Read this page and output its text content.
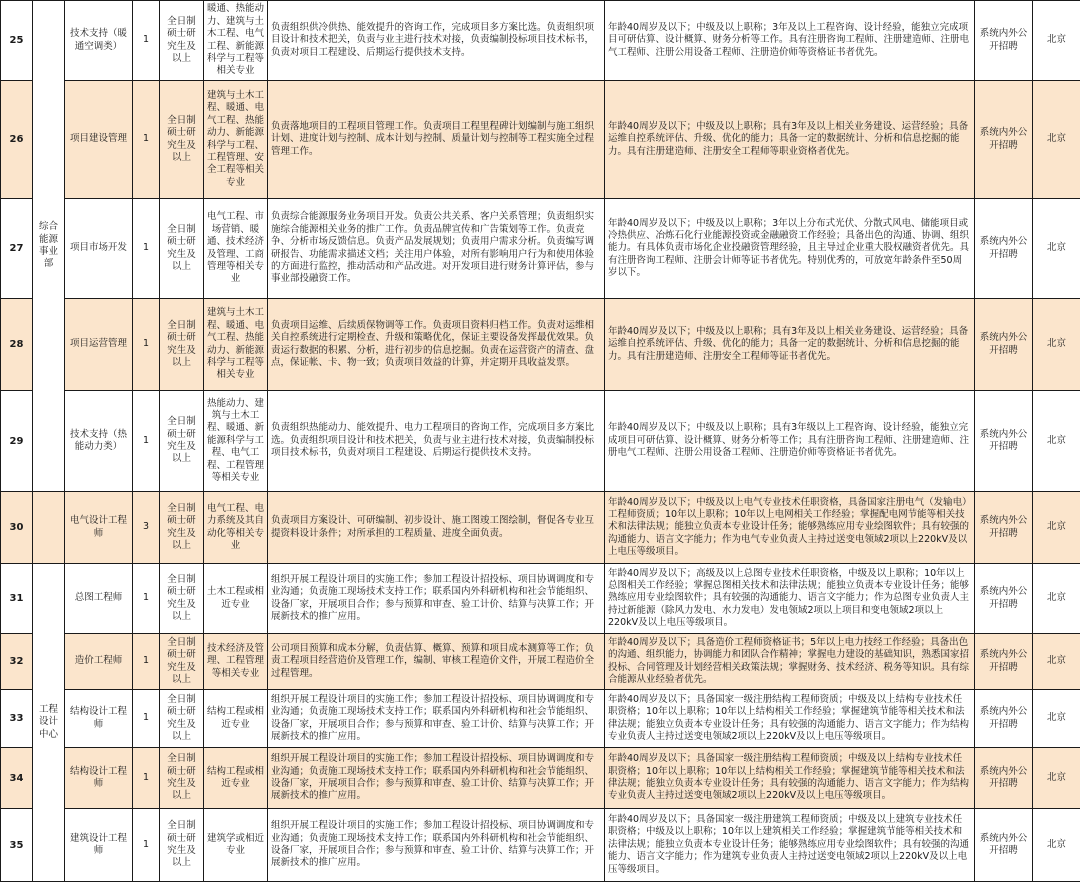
25	综合能源事业部	技术支持（暖通空调类）	1	全日制硕士研究生及以上	暖通、热能动力、建筑与土木工程、电气工程、新能源科学与工程等相关专业	负责组织供冷供热、能效提升的咨询工作，完成项目多方案比选。负责组织项目设计和技术把关，负责与业主进行技术对接，负责编制投标项目技术标书，负责对项目工程建设、后期运行提供技术支持。	年龄40周岁及以下；中级及以上职称；3年及以上工程咨询、设计经验，能独立完成项目可研估算、设计概算、财务分析等工作。具有注册咨询工程师、注册建造师、注册电气工程师、注册公用设备工程师、注册造价师等资格证书者优先。	系统内外公开招聘	北京
26		项目建设管理	1	全日制硕士研究生及以上	建筑与土木工程、暖通、电气工程、热能动力、新能源科学与工程、工程管理、安全工程等相关专业	负责落地项目的工程项目管理工作。负责项目工程里程碑计划编制与施工组织计划、进度计划与控制、成本计划与控制、质量计划与控制等工程实施全过程管理工作。	年龄40周岁及以下；中级及以上职称；具有3年及以上相关业务建设、运营经验；具备运维自控系统评估、升级、优化的能力；具备一定的数据统计、分析和信息挖掘的能力。具有注册建造师、注册安全工程师等职业资格者优先。	系统内外公开招聘	北京
27		项目市场开发	1	全日制硕士研究生及以上	电气工程、市场营销、暖通、技术经济及管理、工商管理等相关专业	负责综合能源服务业务项目开发。负责公共关系、客户关系管理；负责组织实施综合能源相关业务的推广工作。负责品牌宣传和广告策划等工作。负责竞争、分析市场反馈信息。负责产品发展规划；负责用户需求分析。负责编写调研报告、功能需求描述文档；关注用户体验，对所有影响用户行为和使用体验的方面进行监控，推动活动和产品改进。对开发项目进行财务计算评估，参与事业部投融资工作。	年龄40周岁及以下；中级及以上职称；3年以上分布式光伏、分散式风电、储能项目或冷热供应、冶炼石化行业能源投资或金融融资工作经验；具备出色的沟通、协调、组织能力。有具体负责市场化企业投融资管理经验，且主导过企业重大股权融资者优先。具有注册咨询工程师、注册会计师等证书者优先。特别优秀的，可放宽年龄条件至50周岁以下。	系统内外公开招聘	北京
28		项目运营管理	1	全日制硕士研究生及以上	建筑与土木工程、暖通、电气工程、热能动力、新能源科学与工程等相关专业	负责项目运维、后续质保物调等工作。负责项目资料归档工作。负责对运维相关自控系统进行定期检查、升级和策略优化，保证主要设备发挥最优效果。负责运行数据的积累、分析，进行初步的信息挖掘。负责在运营资产的清查、盘点，保证帐、卡、物一致；负责项目效益的计算，并定期开具收益发票。	年龄40周岁及以下；中级及以上职称；具有3年及以上相关业务建设、运营经验；具备运维自控系统评估、升级、优化的能力；具备一定的数据统计、分析和信息挖掘的能力。具有注册建造师、注册安全工程师等证书者优先。	系统内外公开招聘	北京
29		技术支持（热能动力类）	1	全日制硕士研究生及以上	热能动力、建筑与土木工程、暖通、新能源科学与工程、电气工程、工程管理等相关专业	负责组织热能动力、能效提升、电力工程项目的咨询工作，完成项目多方案比选。负责组织项目设计和技术把关，负责与业主进行技术对接，负责编制投标项目技术标书，负责对项目工程建设、后期运行提供技术支持。	年龄40周岁及以下；中级及以上职称；具有3年级以上工程咨询、设计经验，能独立完成项目可研估算、设计概算、财务分析等工作；具有注册咨询工程师、注册建造师、注册电气工程师、注册公用设备工程师、注册造价师等资格证书者优先。	系统内外公开招聘	北京
30		电气设计工程师	3	全日制硕士研究生及以上	电气工程、电力系统及其自动化等相关专业	负责项目方案设计、可研编制、初步设计、施工图竣工图绘制，督促各专业互提资料设计条件；对所承担的工程质量、进度全面负责。	年龄40周岁及以下；中级及以上电气专业技术任职资格，具备国家注册电气（发输电）工程师资质；10年以上职称；10年以上电网相关工作经验；掌握配电网节能等相关技术和法律法规；能独立负责本专业设计任务；能够熟练应用专业绘图软件；具有较强的沟通能力、语言文字能力；作为电气专业负责人主持过送变电领域2项以上220kV及以上电压等级项目。	系统内外公开招聘	北京
31	工程设计中心	总图工程师	1	全日制硕士研究生及以上	土木工程或相近专业	组织开展工程设计项目的实施工作；参加工程设计招投标、项目协调调度和专业沟通；负责施工现场技术支持工作；联系国内外科研机构和社会节能组织、设备厂家，开展项目合作；参与预算和审查、验工计价、结算与决算工作；开展新技术的推广应用。	年龄40周岁及以下；高级及以上总图专业技术任职资格，中级及以上职称；10年以上总图相关工作经验；掌握总图相关技术和法律法规；能独立负责本专业设计任务；能够熟练应用专业绘图软件；具有较强的沟通能力、语言文字能力；作为总图专业负责人主持过新能源（除风力发电、水力发电）发电领域2项以上项目和变电领域2项以上220kV及以上电压等级项目。	系统内外公开招聘	北京
32		造价工程师	1	全日制硕士研究生及以上	技术经济及管理、工程管理等相关专业	公司项目预算和成本分解，负责估算、概算、预算和项目成本测算等工作；负责工程项目经营造价及管理工作，编制、审核工程造价文件，开展工程造价全过程管理。	年龄40周岁及以下；具备造价工程师资格证书；5年以上电力技经工作经验；具备出色的沟通、组织能力，协调能力和团队合作精神；掌握电力建设的基础知识，熟悉国家招投标、合同管理及计划经营相关政策法规；掌握财务、技术经济、税务等知识。具有综合能源从业经验者优先。	系统内外公开招聘	北京
33		结构设计工程师	1	全日制硕士研究生及以上	结构工程或相近专业	组织开展工程设计项目的实施工作；参加工程设计招投标、项目协调调度和专业沟通；负责施工现场技术支持工作；联系国内外科研机构和社会节能组织、设备厂家，开展项目合作；参与预算和审查、验工计价、结算与决算工作；开展新技术的推广应用。	年龄40周岁及以下；具备国家一级注册结构工程师资质；中级及以上结构专业技术任职资格；10年以上职称；10年以上结构相关工作经验；掌握建筑节能等相关技术和法律法规；能独立负责本专业设计任务；具有较强的沟通能力、语言文字能力；作为结构专业负责人主持过送变电领域2项以上220kV及以上电压等级项目。	系统内外公开招聘	北京
34		结构设计工程师	1	全日制硕士研究生及以上	结构工程或相近专业	组织开展工程设计项目的实施工作；参加工程设计招投标、项目协调调度和专业沟通；负责施工现场技术支持工作；联系国内外科研机构和社会节能组织、设备厂家，开展项目合作；参与预算和审查、验工计价、结算与决算工作；开展新技术的推广应用。	年龄40周岁及以下；具备国家一级注册结构工程师资质；中级及以上结构专业技术任职资格；10年以上职称；10年以上结构相关工作经验；掌握建筑节能等相关技术和法律法规；能独立负责本专业设计任务；具有较强的沟通能力、语言文字能力；作为结构专业负责人主持过送变电领域2项以上220kV及以上电压等级项目。	系统内外公开招聘	北京
35		建筑设计工程师	1	全日制硕士研究生及以上	建筑学或相近专业	组织开展工程设计项目的实施工作；参加工程设计招投标、项目协调调度和专业沟通；负责施工现场技术支持工作；联系国内外科研机构和社会节能组织、设备厂家，开展项目合作；参与预算和审查、验工计价、结算与决算工作；开展新技术的推广应用。	年龄40周岁及以下；具备国家一级注册建筑工程师资质；中级及以上建筑专业技术任职资格；中级及以上职称；10年以上建筑相关工作经验；掌握建筑节能等相关技术和法律法规；能独立负责本专业设计任务；能够熟练应用专业绘图软件；具有较强的沟通能力、语言文字能力；作为建筑专业负责人主持过送变电领域2项以上220kV及以上电压等级项目。	系统内外公开招聘	北京
